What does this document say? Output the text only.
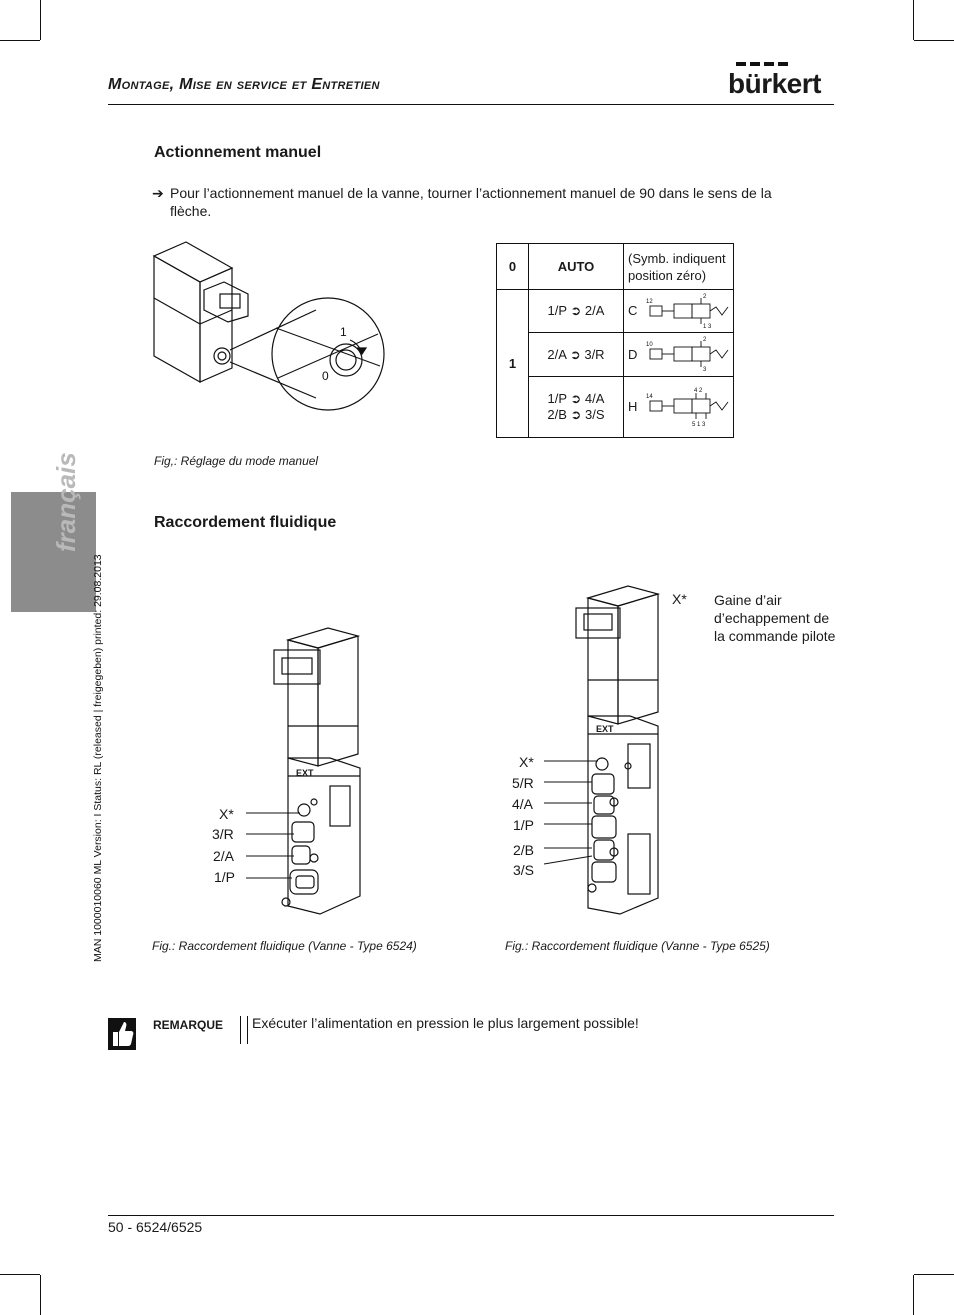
Montage, Mise en service et Entretien	bürkert
français
MAN 1000010060 ML Version: I Status: RL (released | freigegeben) printed: 29.08.2013
Actionnement manuel
➔ Pour l’actionnement manuel de la vanne, tourner l’actionnement manuel de 90 dans le sens de la flèche.
1
0
Fig,: Réglage du mode manuel
0	AUTO	(Symb. indiquent position zéro)
1	1/P ➲ 2/A	C
12
2
1 3

	2/A ➲ 3/R	D
10
2
3

	1/P ➲ 4/A
2/B ➲ 3/S	H
14
4 2
5 1 3
Raccordement fluidique
EXT
X*
3/R
2/A
1/P
Fig.: Raccordement fluidique (Vanne - Type 6524)
EXT
X*
5/R
4/A
1/P
2/B
3/S
X* Gaine d’air d’echappement de la commande pilote
Fig.: Raccordement fluidique (Vanne - Type 6525)
REMARQUE Exécuter l’alimentation en pression le plus largement possible!
50 - 6524/6525
